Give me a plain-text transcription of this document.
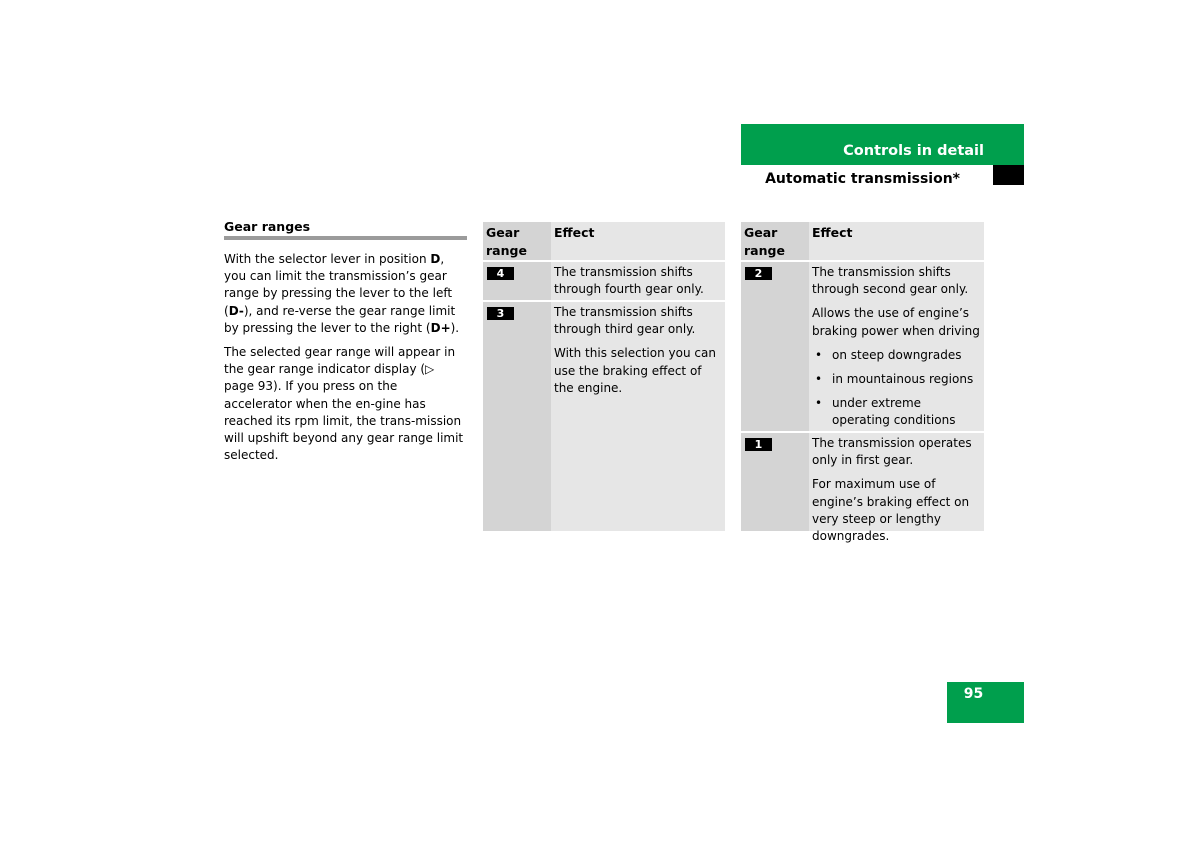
Controls in detail
Automatic transmission*
Gear ranges
With the selector lever in position D, you can limit the transmission’s gear range by pressing the lever to the left (D-), and re-verse the gear range limit by pressing the lever to the right (D+).
The selected gear range will appear in the gear range indicator display (▷ page 93). If you press on the accelerator when the en-gine has reached its rpm limit, the trans-mission will upshift beyond any gear range limit selected.
Gear range
Effect
4	The transmission shifts through fourth gear only.
3	The transmission shifts through third gear only.
With this selection you can use the braking effect of the engine.
Gear range
Effect
2	The transmission shifts through second gear only.
Allows the use of engine’s braking power when driving
• on steep downgrades
• in mountainous regions
• under extreme operating conditions
1	The transmission operates only in first gear.
For maximum use of engine’s braking effect on very steep or lengthy downgrades.
95
